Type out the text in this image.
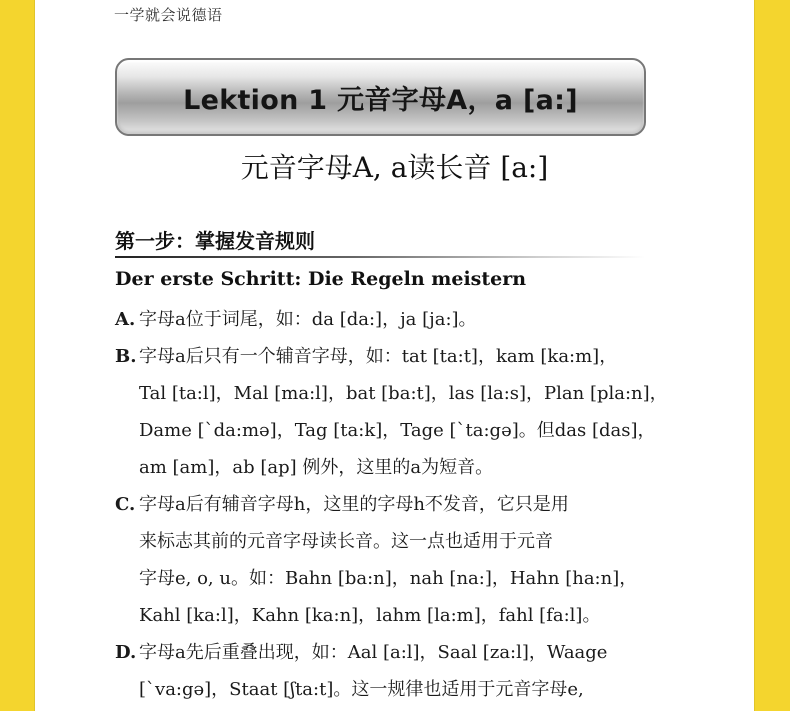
一学就会说德语
Lektion 1 元音字母A，a [a:]
元音字母A, a读长音 [a:]
第一步：掌握发音规则
Der erste Schritt: Die Regeln meistern
A. 字母a位于词尾，如：da [da:]，ja [ja:]。
B. 字母a后只有一个辅音字母，如：tat [ta:t]，kam [ka:m]，
Tal [ta:l]，Mal [ma:l]，bat [ba:t]，las [la:s]，Plan [pla:n]，
Dame [ˋda:mə]，Tag [ta:k]，Tage [ˋta:gə]。但das [das]，
am [am]，ab [ap] 例外，这里的a为短音。
C. 字母a后有辅音字母h，这里的字母h不发音，它只是用
来标志其前的元音字母读长音。这一点也适用于元音
字母e, o, u。如：Bahn [ba:n]，nah [na:]，Hahn [ha:n]，
Kahl [ka:l]，Kahn [ka:n]，lahm [la:m]，fahl [fa:l]。
D. 字母a先后重叠出现，如：Aal [a:l]，Saal [za:l]，Waage
[ˋva:gə]，Staat [ʃta:t]。这一规律也适用于元音字母e,
